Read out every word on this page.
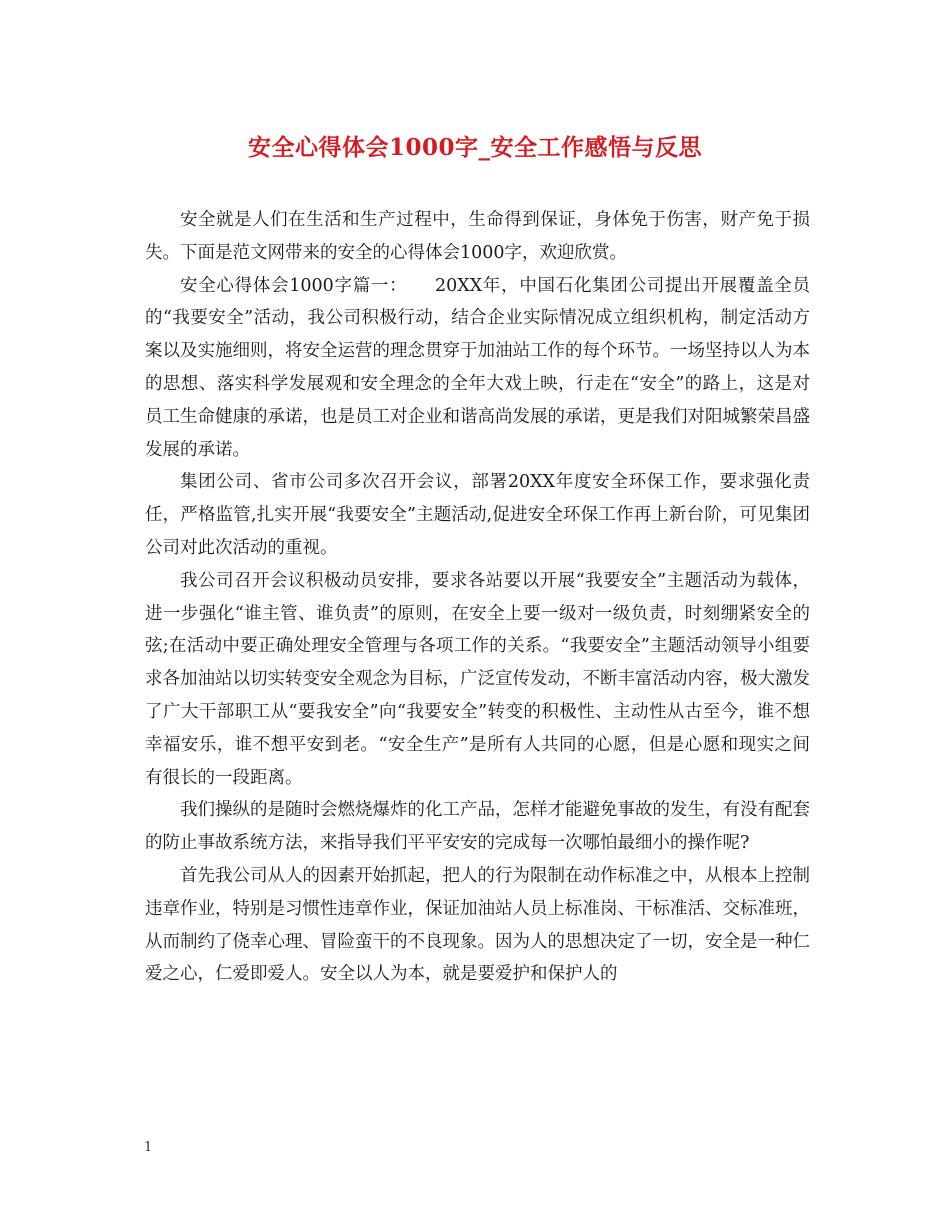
安全心得体会1000字_安全工作感悟与反思

安全就是人们在生活和生产过程中，生命得到保证，身体免于伤害，财产免于损失。下面是范文网带来的安全的心得体会1000字，欢迎欣赏。

安全心得体会1000字篇一：　　20XX年，中国石化集团公司提出开展覆盖全员的“我要安全”活动，我公司积极行动，结合企业实际情况成立组织机构，制定活动方案以及实施细则，将安全运营的理念贯穿于加油站工作的每个环节。一场坚持以人为本的思想、落实科学发展观和安全理念的全年大戏上映，行走在“安全”的路上，这是对员工生命健康的承诺，也是员工对企业和谐高尚发展的承诺，更是我们对阳城繁荣昌盛发展的承诺。

集团公司、省市公司多次召开会议，部署20XX年度安全环保工作，要求强化责任，严格监管,扎实开展“我要安全”主题活动,促进安全环保工作再上新台阶，可见集团公司对此次活动的重视。

我公司召开会议积极动员安排，要求各站要以开展“我要安全”主题活动为载体，进一步强化“谁主管、谁负责”的原则，在安全上要一级对一级负责，时刻绷紧安全的弦;在活动中要正确处理安全管理与各项工作的关系。“我要安全”主题活动领导小组要求各加油站以切实转变安全观念为目标，广泛宣传发动，不断丰富活动内容，极大激发了广大干部职工从“要我安全”向“我要安全”转变的积极性、主动性从古至今，谁不想幸福安乐，谁不想平安到老。“安全生产”是所有人共同的心愿，但是心愿和现实之间有很长的一段距离。

我们操纵的是随时会燃烧爆炸的化工产品，怎样才能避免事故的发生，有没有配套的防止事故系统方法，来指导我们平平安安的完成每一次哪怕最细小的操作呢?

首先我公司从人的因素开始抓起，把人的行为限制在动作标准之中，从根本上控制违章作业，特别是习惯性违章作业，保证加油站人员上标准岗、干标准活、交标准班，从而制约了侥幸心理、冒险蛮干的不良现象。因为人的思想决定了一切，安全是一种仁爱之心，仁爱即爱人。安全以人为本，就是要爱护和保护人的

1
